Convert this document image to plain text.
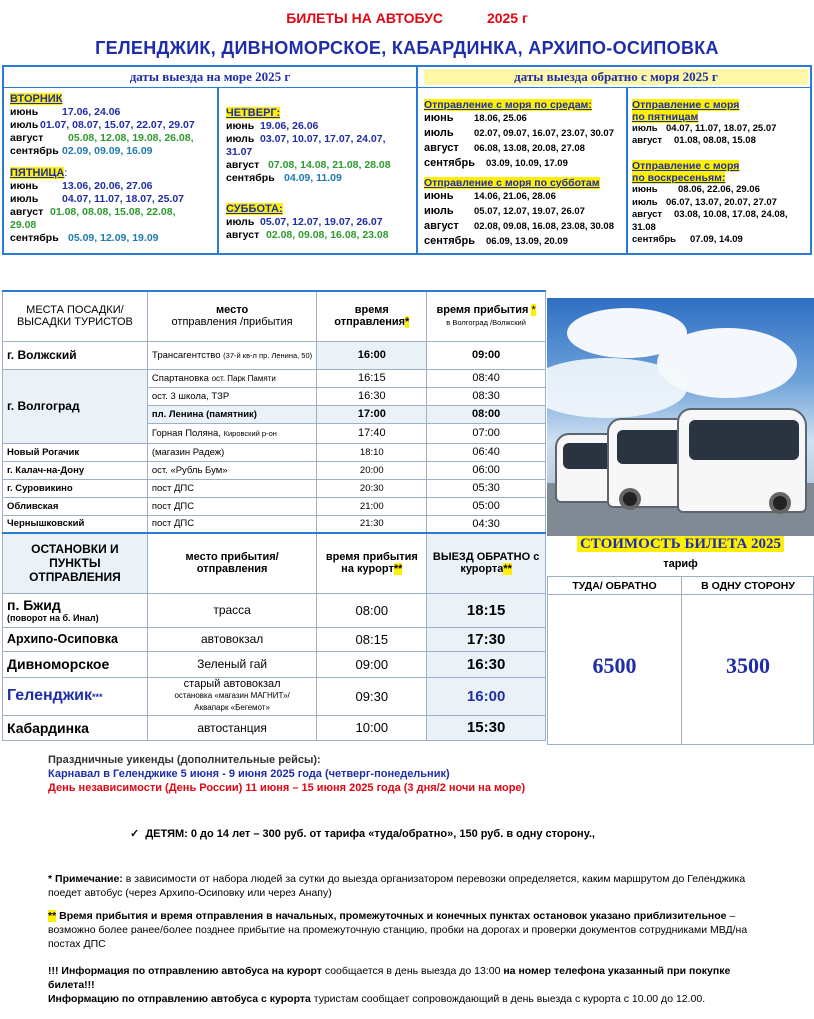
БИЛЕТЫ НА АВТОБУС	2025 г
ГЕЛЕНДЖИК, ДИВНОМОРСКОЕ, КАБАРДИНКА, АРХИПО-ОСИПОВКА
даты выезда на море 2025 г	даты выезда обратно с моря 2025 г
ВТОРНИК
июнь 17.06, 24.06
июль 01.07, 08.07, 15.07, 22.07, 29.07
август 05.08, 12.08, 19.08, 26.08,
сентябрь 02.09, 09.09, 16.09
ПЯТНИЦА:
июнь 13.06, 20.06, 27.06
июль 04.07, 11.07, 18.07, 25.07
август 01.08, 08.08, 15.08, 22.08,
29.08
сентябрь 05.09, 12.09, 19.09
ЧЕТВЕРГ:
июнь 19.06, 26.06
июль 03.07, 10.07, 17.07, 24.07,
31.07
август 07.08, 14.08, 21.08, 28.08
сентябрь 04.09, 11.09
СУББОТА:
июль 05.07, 12.07, 19.07, 26.07
август 02.08, 09.08, 16.08, 23.08
Отправление с моря по средам:
июнь 18.06, 25.06
июль 02.07, 09.07, 16.07, 23.07, 30.07
август 06.08, 13.08, 20.08, 27.08
сентябрь 03.09, 10.09, 17.09
Отправление с моря по субботам
июнь 14.06, 21.06, 28.06
июль 05.07, 12.07, 19.07, 26.07
август 02.08, 09.08, 16.08, 23.08, 30.08
сентябрь 06.09, 13.09, 20.09
Отправление с моря
по пятницам
июль 04.07, 11.07, 18.07, 25.07
август 01.08, 08.08, 15.08
Отправление с моря
по воскресеньям:
июнь 08.06, 22.06, 29.06
июль 06.07, 13.07, 20.07, 27.07
август 03.08, 10.08, 17.08, 24.08,
31.08
сентябрь 07.09, 14.09
МЕСТА ПОСАДКИ/ ВЫСАДКИ ТУРИСТОВ	место
отправления /прибытия	время отправления*	время прибытия *
в Волгоград /Волжский
г. Волжский	Трансагентство (37-й кв-л пр. Ленина, 50)	16:00	09:00
г. Волгоград	Спартановка ост. Парк Памяти	16:15	08:40
	ост. 3 школа, ТЗР	16:30	08:30
	пл. Ленина (памятник)	17:00	08:00
	Горная Поляна, Кировский р-он	17:40	07:00
Новый Рогачик	(магазин Радеж)	18:10	06:40
г. Калач-на-Дону	ост. «Рубль Бум»	20:00	06:00
г. Суровикино	пост ДПС	20:30	05:30
Обливская	пост ДПС	21:00	05:00
Чернышковский	пост ДПС	21:30	04:30
ОСТАНОВКИ И ПУНКТЫ ОТПРАВЛЕНИЯ	место прибытия/ отправления	время прибытия на курорт**	ВЫЕЗД ОБРАТНО с курорта**

п. Бжид
(поворот на б. Инал)	трасса	08:00	18:15
Архипо-Осиповка	автовокзал	08:15	17:30
Дивноморское	Зеленый гай	09:00	16:30
Геленджик***	старый автовокзал
остановка «магазин МАГНИТ»/
Аквапарк «Бегемот»	09:30	16:00
Кабардинка	автостанция	10:00	15:30
СТОИМОСТЬ БИЛЕТА 2025
тариф
ТУДА/ ОБРАТНО
6500
В ОДНУ СТОРОНУ
3500
Праздничные уикенды (дополнительные рейсы):
Карнавал в Геленджике 5 июня - 9 июня 2025 года (четверг-понедельник)
День независимости (День России) 11 июня – 15 июня 2025 года (3 дня/2 ночи на море)
✓ ДЕТЯМ: 0 до 14 лет – 300 руб. от тарифа «туда/обратно», 150 руб. в одну сторону.,
* Примечание: в зависимости от набора людей за сутки до выезда организатором перевозки определяется, каким маршрутом до Геленджика поедет автобус (через Архипо-Осиповку или через Анапу)
** Время прибытия и время отправления в начальных, промежуточных и конечных пунктах остановок указано приблизительное – возможно более ранее/более позднее прибытие на промежуточную станцию, пробки на дорогах и проверки документов сотрудниками МВД/на постах ДПС
!!! Информация по отправлению автобуса на курорт сообщается в день выезда до 13:00 на номер телефона указанный при покупке билета!!!
Информацию по отправлению автобуса с курорта туристам сообщает сопровождающий в день выезда с курорта с 10.00 до 12.00.
